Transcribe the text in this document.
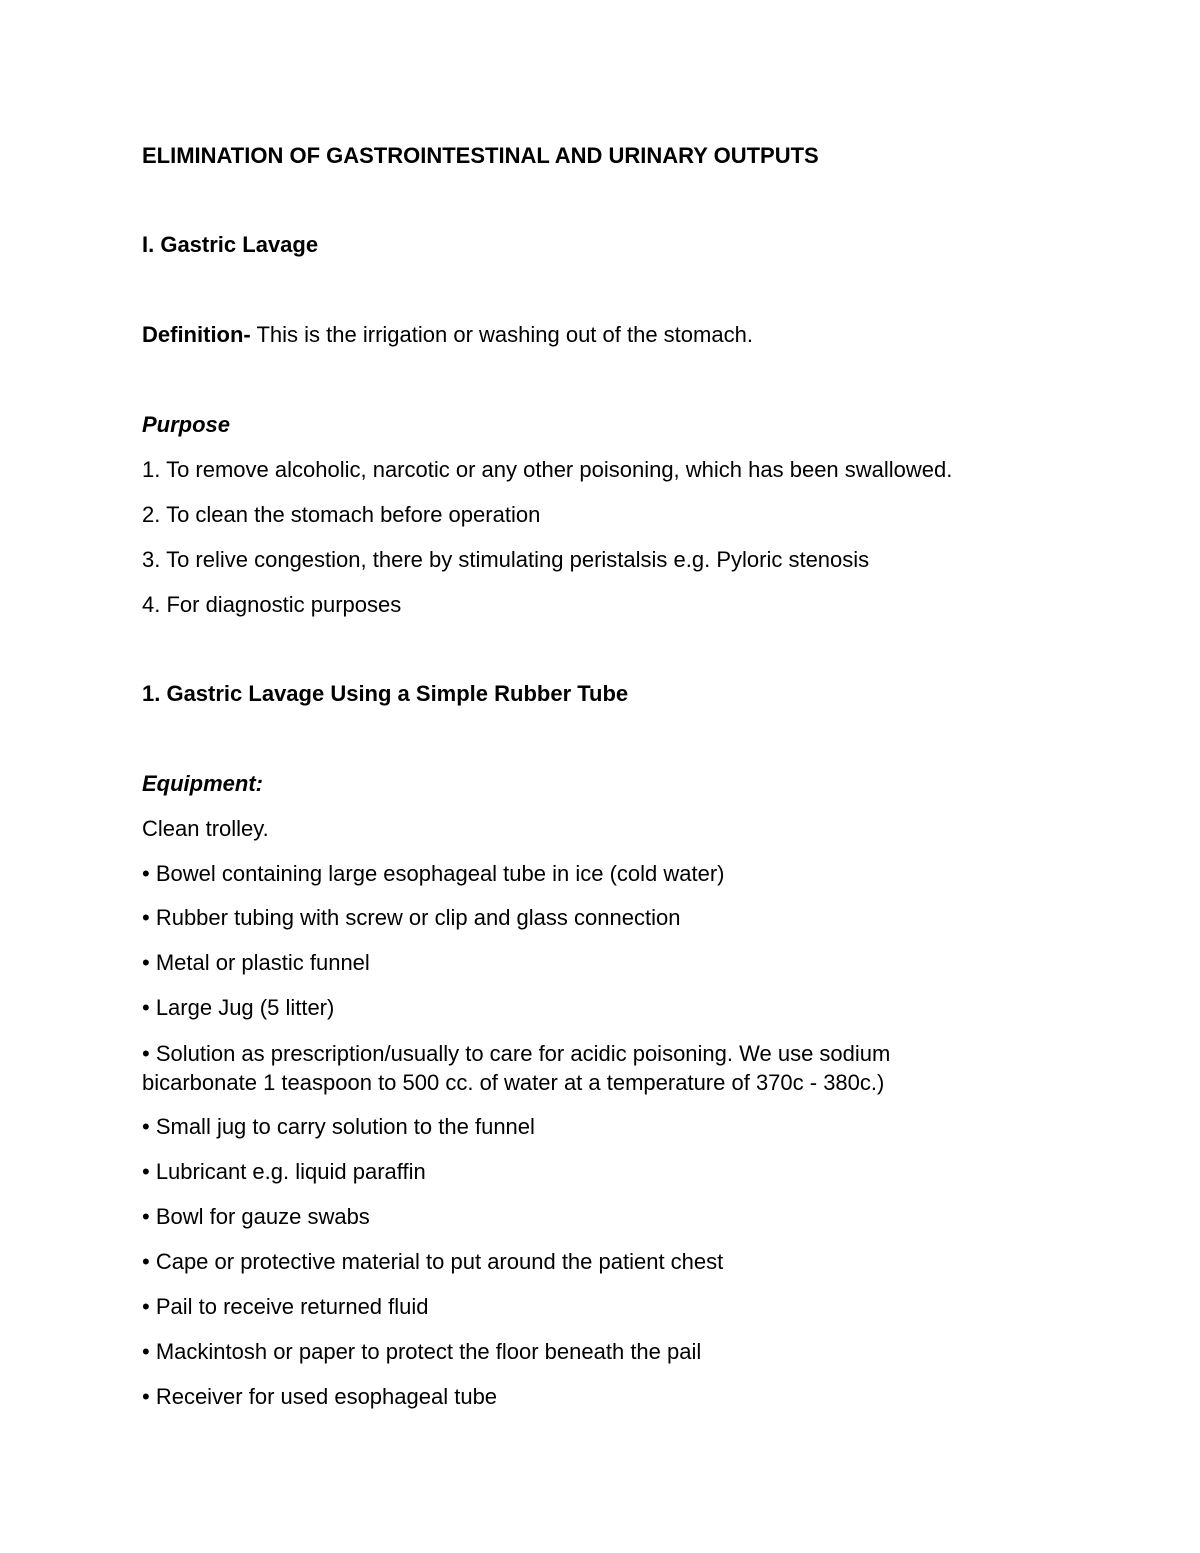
ELIMINATION OF GASTROINTESTINAL AND URINARY OUTPUTS
I. Gastric Lavage
Definition- This is the irrigation or washing out of the stomach.
Purpose
1. To remove alcoholic, narcotic or any other poisoning, which has been swallowed.
2. To clean the stomach before operation
3. To relive congestion, there by stimulating peristalsis e.g. Pyloric stenosis
4. For diagnostic purposes
1. Gastric Lavage Using a Simple Rubber Tube
Equipment:
Clean trolley.
• Bowel containing large esophageal tube in ice (cold water)
• Rubber tubing with screw or clip and glass connection
• Metal or plastic funnel
• Large Jug (5 litter)
• Solution as prescription/usually to care for acidic poisoning. We use sodium
bicarbonate 1 teaspoon to 500 cc. of water at a temperature of 370c - 380c.)
• Small jug to carry solution to the funnel
• Lubricant e.g. liquid paraffin
• Bowl for gauze swabs
• Cape or protective material to put around the patient chest
• Pail to receive returned fluid
• Mackintosh or paper to protect the floor beneath the pail
• Receiver for used esophageal tube
